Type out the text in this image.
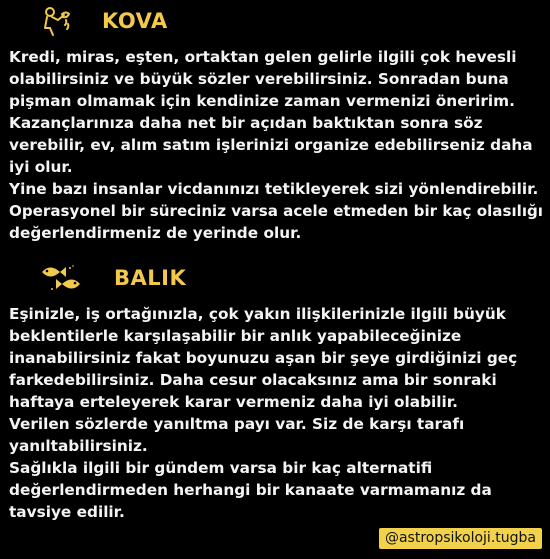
KOVA
Kredi, miras, eşten, ortaktan gelen gelirle ilgili çok hevesli
olabilirsiniz ve büyük sözler verebilirsiniz. Sonradan buna
pişman olmamak için kendinize zaman vermenizi öneririm.
Kazançlarınıza daha net bir açıdan baktıktan sonra söz
verebilir, ev, alım satım işlerinizi organize edebilirseniz daha
iyi olur.
Yine bazı insanlar vicdanınızı tetikleyerek sizi yönlendirebilir.
Operasyonel bir süreciniz varsa acele etmeden bir kaç olasılığı
değerlendirmeniz de yerinde olur.
BALIK
Eşinizle, iş ortağınızla, çok yakın ilişkilerinizle ilgili büyük
beklentilerle karşılaşabilir bir anlık yapabileceğinize
inanabilirsiniz fakat boyunuzu aşan bir şeye girdiğinizi geç
farkedebilirsiniz. Daha cesur olacaksınız ama bir sonraki
haftaya erteleyerek karar vermeniz daha iyi olabilir.
Verilen sözlerde yanıltma payı var. Siz de karşı tarafı
yanıltabilirsiniz.
Sağlıkla ilgili bir gündem varsa bir kaç alternatifi
değerlendirmeden herhangi bir kanaate varmamanız da
tavsiye edilir.
@astropsikoloji.tugba
